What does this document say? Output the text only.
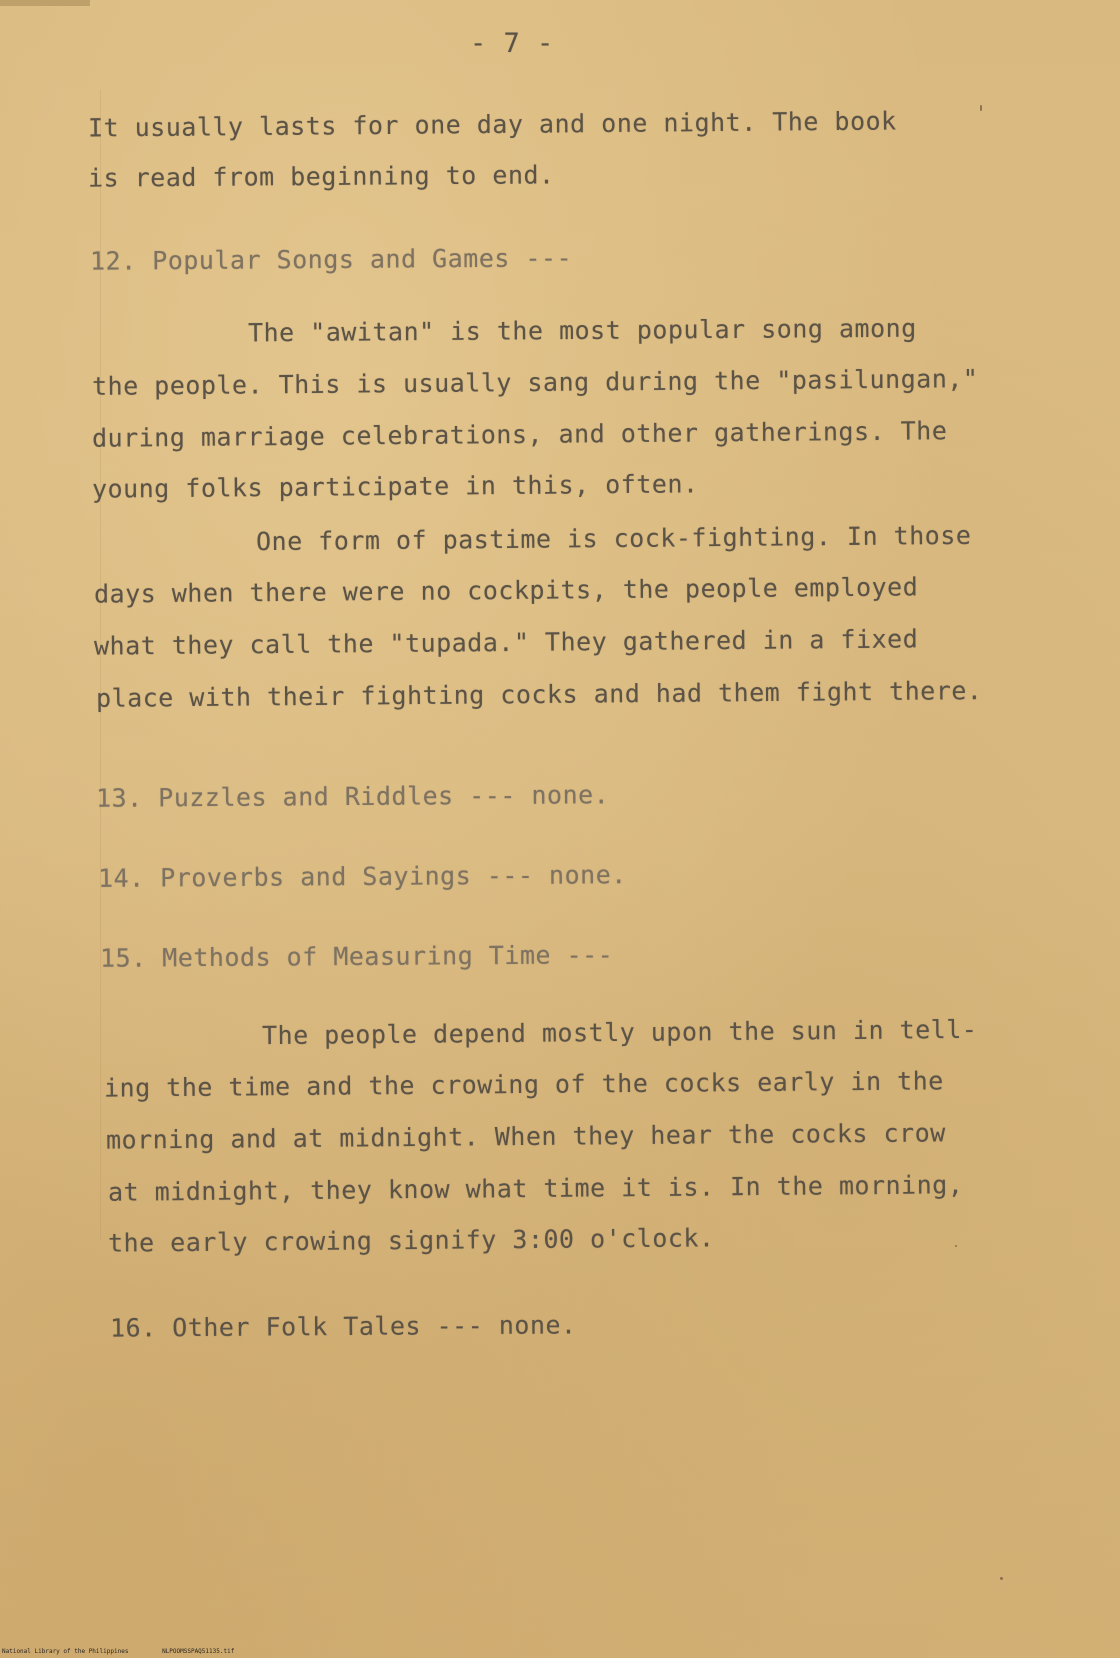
- 7 -
It usually lasts for one day and one night. The book
is read from beginning to end.
12. Popular Songs and Games ---
The "awitan" is the most popular song among
the people. This is usually sang during the "pasilungan,"
during marriage celebrations, and other gatherings. The
young folks participate in this, often.
One form of pastime is cock-fighting. In those
days when there were no cockpits, the people employed
what they call the "tupada." They gathered in a fixed
place with their fighting cocks and had them fight there.
13. Puzzles and Riddles --- none.
14. Proverbs and Sayings --- none.
15. Methods of Measuring Time ---
The people depend mostly upon the sun in tell-
ing the time and the crowing of the cocks early in the
morning and at midnight. When they hear the cocks crow
at midnight, they know what time it is. In the morning,
the early crowing signify 3:00 o'clock.
16. Other Folk Tales --- none.
National Library of the Philippines	NLPOOMSSPAQ51135.tif
